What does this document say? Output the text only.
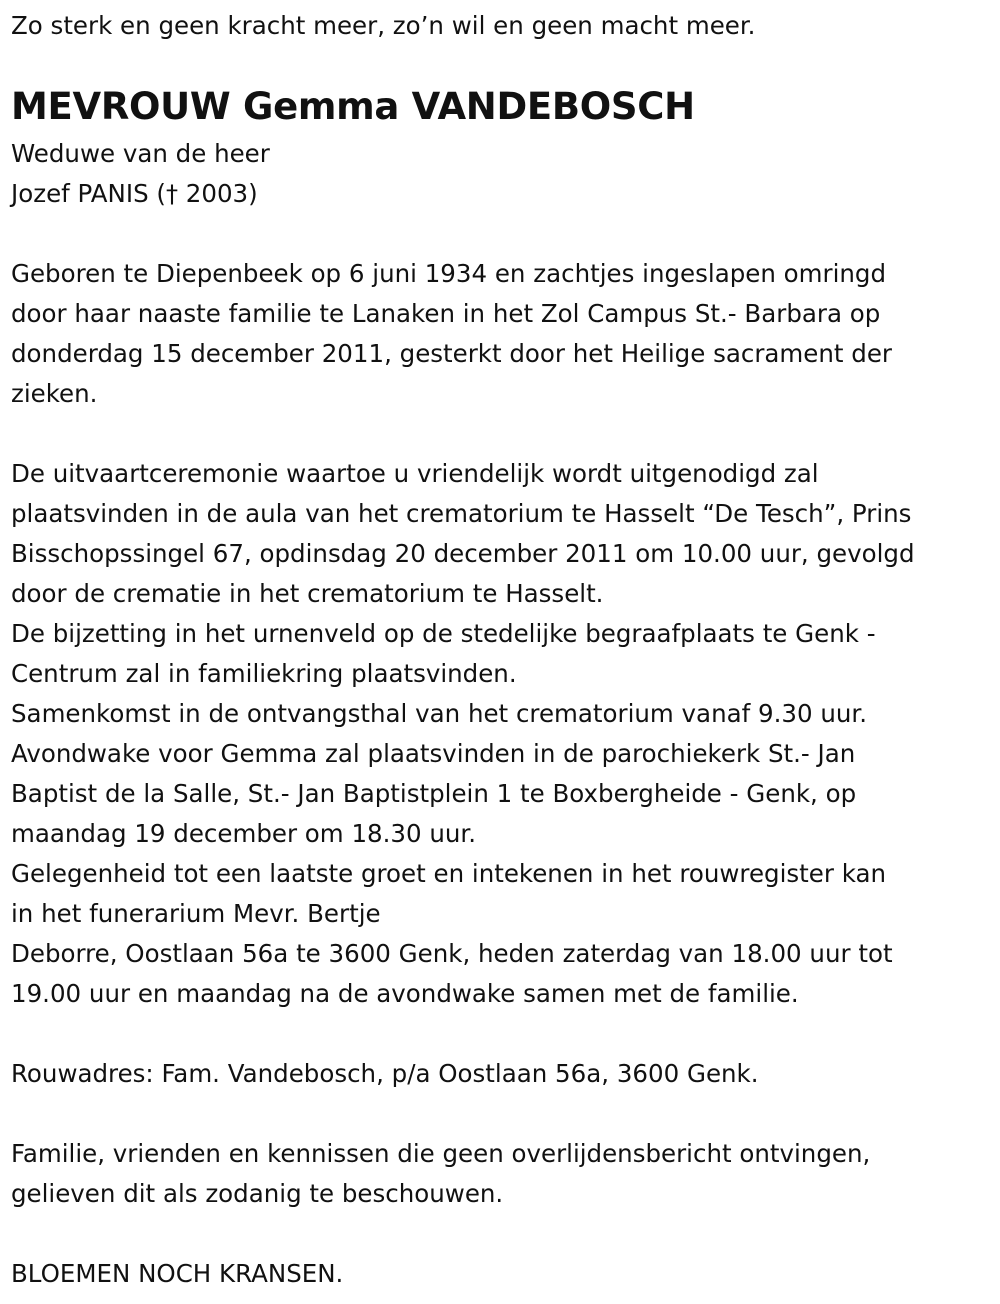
Zo sterk en geen kracht meer, zo’n wil en geen macht meer.
MEVROUW Gemma VANDEBOSCH
Weduwe van de heer
Jozef PANIS († 2003)
Geboren te Diepenbeek op 6 juni 1934 en zachtjes ingeslapen omringd
door haar naaste familie te Lanaken in het Zol Campus St.- Barbara op
donderdag 15 december 2011, gesterkt door het Heilige sacrament der
zieken.
De uitvaartceremonie waartoe u vriendelijk wordt uitgenodigd zal
plaatsvinden in de aula van het crematorium te Hasselt “De Tesch”, Prins
Bisschopssingel 67, opdinsdag 20 december 2011 om 10.00 uur, gevolgd
door de crematie in het crematorium te Hasselt.
De bijzetting in het urnenveld op de stedelijke begraafplaats te Genk -
Centrum zal in familiekring plaatsvinden.
Samenkomst in de ontvangsthal van het crematorium vanaf 9.30 uur.
Avondwake voor Gemma zal plaatsvinden in de parochiekerk St.- Jan
Baptist de la Salle, St.- Jan Baptistplein 1 te Boxbergheide - Genk, op
maandag 19 december om 18.30 uur.
Gelegenheid tot een laatste groet en intekenen in het rouwregister kan
in het funerarium Mevr. Bertje
Deborre, Oostlaan 56a te 3600 Genk, heden zaterdag van 18.00 uur tot
19.00 uur en maandag na de avondwake samen met de familie.
Rouwadres: Fam. Vandebosch, p/a Oostlaan 56a, 3600 Genk.
Familie, vrienden en kennissen die geen overlijdensbericht ontvingen,
gelieven dit als zodanig te beschouwen.
BLOEMEN NOCH KRANSEN.
